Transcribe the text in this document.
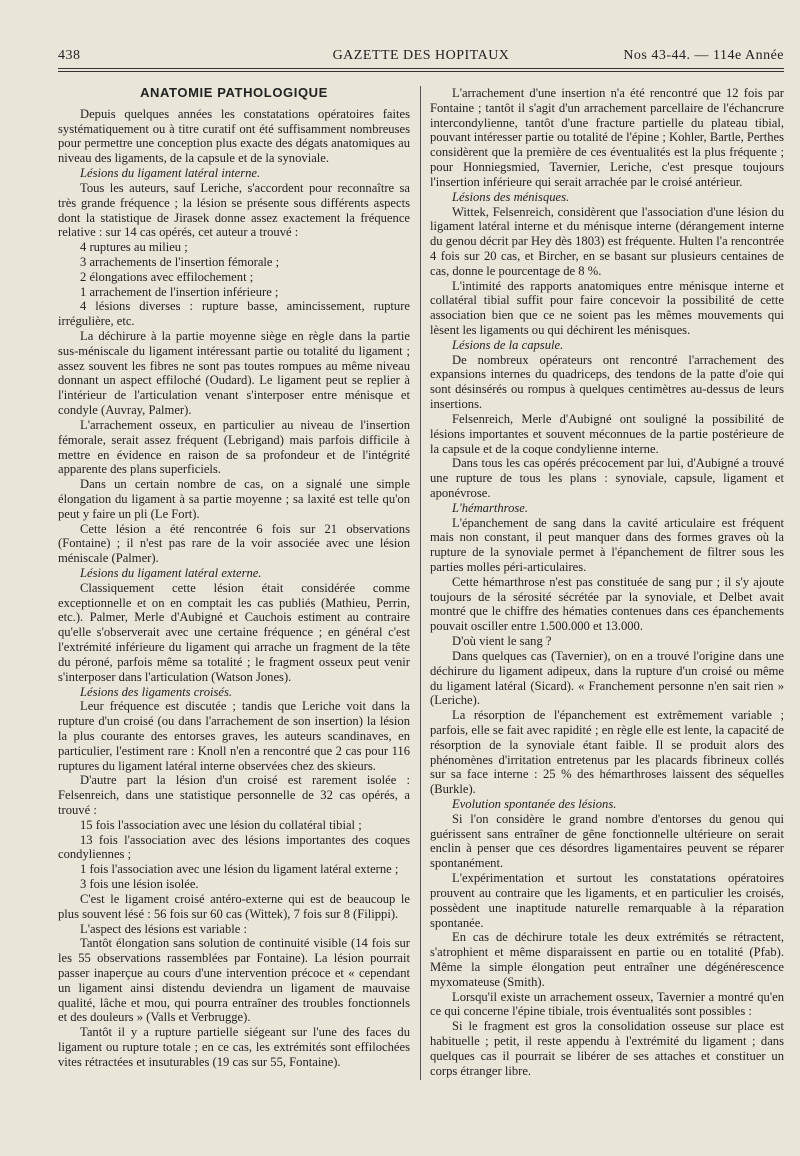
438	GAZETTE DES HOPITAUX	Nos 43-44. — 114e Année
ANATOMIE PATHOLOGIQUE

Depuis quelques années les constatations opératoires faites systématiquement ou à titre curatif ont été suffisamment nombreuses pour permettre une conception plus exacte des dégats anatomiques au niveau des ligaments, de la capsule et de la synoviale.

Lésions du ligament latéral interne.

Tous les auteurs, sauf Leriche, s'accordent pour reconnaître sa très grande fréquence ; la lésion se présente sous différents aspects dont la statistique de Jirasek donne assez exactement la fréquence relative : sur 14 cas opérés, cet auteur a trouvé :

4 ruptures au milieu ;

3 arrachements de l'insertion fémorale ;

2 élongations avec effilochement ;

1 arrachement de l'insertion inférieure ;

4 lésions diverses : rupture basse, amincissement, rupture irrégulière, etc.

La déchirure à la partie moyenne siège en règle dans la partie sus-méniscale du ligament intéressant partie ou totalité du ligament ; assez souvent les fibres ne sont pas toutes rompues au même niveau donnant un aspect effiloché (Oudard). Le ligament peut se replier à l'intérieur de l'articulation venant s'interposer entre ménisque et condyle (Auvray, Palmer).

L'arrachement osseux, en particulier au niveau de l'insertion fémorale, serait assez fréquent (Lebrigand) mais parfois difficile à mettre en évidence en raison de sa profondeur et de l'intégrité apparente des plans superficiels.

Dans un certain nombre de cas, on a signalé une simple élongation du ligament à sa partie moyenne ; sa laxité est telle qu'on peut y faire un pli (Le Fort).

Cette lésion a été rencontrée 6 fois sur 21 observations (Fontaine) ; il n'est pas rare de la voir associée avec une lésion méniscale (Palmer).

Lésions du ligament latéral externe.

Classiquement cette lésion était considérée comme exceptionnelle et on en comptait les cas publiés (Mathieu, Perrin, etc.). Palmer, Merle d'Aubigné et Cauchois estiment au contraire qu'elle s'observerait avec une certaine fréquence ; en général c'est l'extrémité inférieure du ligament qui arrache un fragment de la tête du péroné, parfois même sa totalité ; le fragment osseux peut venir s'interposer dans l'articulation (Watson Jones).

Lésions des ligaments croisés.

Leur fréquence est discutée ; tandis que Leriche voit dans la rupture d'un croisé (ou dans l'arrachement de son insertion) la lésion la plus courante des entorses graves, les auteurs scandinaves, en particulier, l'estiment rare : Knoll n'en a rencontré que 2 cas pour 116 ruptures du ligament latéral interne observées chez des skieurs.

D'autre part la lésion d'un croisé est rarement isolée : Felsenreich, dans une statistique personnelle de 32 cas opérés, a trouvé :

15 fois l'association avec une lésion du collatéral tibial ;

13 fois l'association avec des lésions importantes des coques condyliennes ;

1 fois l'association avec une lésion du ligament latéral externe ;

3 fois une lésion isolée.

C'est le ligament croisé antéro-externe qui est de beaucoup le plus souvent lésé : 56 fois sur 60 cas (Wittek), 7 fois sur 8 (Filippi).

L'aspect des lésions est variable :

Tantôt élongation sans solution de continuité visible (14 fois sur les 55 observations rassemblées par Fontaine). La lésion pourrait passer inaperçue au cours d'une intervention précoce et « cependant un ligament ainsi distendu deviendra un ligament de mauvaise qualité, lâche et mou, qui pourra entraîner des troubles fonctionnels et des douleurs » (Valls et Verbrugge).

Tantôt il y a rupture partielle siégeant sur l'une des faces du ligament ou rupture totale ; en ce cas, les extrémités sont effilochées vites rétractées et insuturables (19 cas sur 55, Fontaine).

L'arrachement d'une insertion n'a été rencontré que 12 fois par Fontaine ; tantôt il s'agit d'un arrachement parcellaire de l'échancrure intercondylienne, tantôt d'une fracture partielle du plateau tibial, pouvant intéresser partie ou totalité de l'épine ; Kohler, Bartle, Perthes considèrent que la première de ces éventualités est la plus fréquente ; pour Honniegsmied, Tavernier, Leriche, c'est presque toujours l'insertion inférieure qui serait arrachée par le croisé antérieur.

Lésions des ménisques.

Wittek, Felsenreich, considèrent que l'association d'une lésion du ligament latéral interne et du ménisque interne (dérangement interne du genou décrit par Hey dès 1803) est fréquente. Hulten l'a rencontrée 4 fois sur 20 cas, et Bircher, en se basant sur plusieurs centaines de cas, donne le pourcentage de 8 %.

L'intimité des rapports anatomiques entre ménisque interne et collatéral tibial suffit pour faire concevoir la possibilité de cette association bien que ce ne soient pas les mêmes mouvements qui lèsent les ligaments ou qui déchirent les ménisques.

Lésions de la capsule.

De nombreux opérateurs ont rencontré l'arrachement des expansions internes du quadriceps, des tendons de la patte d'oie qui sont désinsérés ou rompus à quelques centimètres au-dessus de leurs insertions.

Felsenreich, Merle d'Aubigné ont souligné la possibilité de lésions importantes et souvent méconnues de la partie postérieure de la capsule et de la coque condylienne interne.

Dans tous les cas opérés précocement par lui, d'Aubigné a trouvé une rupture de tous les plans : synoviale, capsule, ligament et aponévrose.

L'hémarthrose.

L'épanchement de sang dans la cavité articulaire est fréquent mais non constant, il peut manquer dans des formes graves où la rupture de la synoviale permet à l'épanchement de filtrer sous les parties molles péri-articulaires.

Cette hémarthrose n'est pas constituée de sang pur ; il s'y ajoute toujours de la sérosité sécrétée par la synoviale, et Delbet avait montré que le chiffre des hématies contenues dans ces épanchements pouvait osciller entre 1.500.000 et 13.000.

D'où vient le sang ?

Dans quelques cas (Tavernier), on en a trouvé l'origine dans une déchirure du ligament adipeux, dans la rupture d'un croisé ou même du ligament latéral (Sicard). « Franchement personne n'en sait rien » (Leriche).

La résorption de l'épanchement est extrêmement variable ; parfois, elle se fait avec rapidité ; en règle elle est lente, la capacité de résorption de la synoviale étant faible. Il se produit alors des phénomènes d'irritation entretenus par les placards fibrineux collés sur sa face interne : 25 % des hémarthroses laissent des séquelles (Burkle).

Evolution spontanée des lésions.

Si l'on considère le grand nombre d'entorses du genou qui guérissent sans entraîner de gêne fonctionnelle ultérieure on serait enclin à penser que ces désordres ligamentaires peuvent se réparer spontanément.

L'expérimentation et surtout les constatations opératoires prouvent au contraire que les ligaments, et en particulier les croisés, possèdent une inaptitude naturelle remarquable à la réparation spontanée.

En cas de déchirure totale les deux extrémités se rétractent, s'atrophient et même disparaissent en partie ou en totalité (Pfab). Même la simple élongation peut entraîner une dégénérescence myxomateuse (Smith).

Lorsqu'il existe un arrachement osseux, Tavernier a montré qu'en ce qui concerne l'épine tibiale, trois éventualités sont possibles :

Si le fragment est gros la consolidation osseuse sur place est habituelle ; petit, il reste appendu à l'extrémité du ligament ; dans quelques cas il pourrait se libérer de ses attaches et constituer un corps étranger libre.
